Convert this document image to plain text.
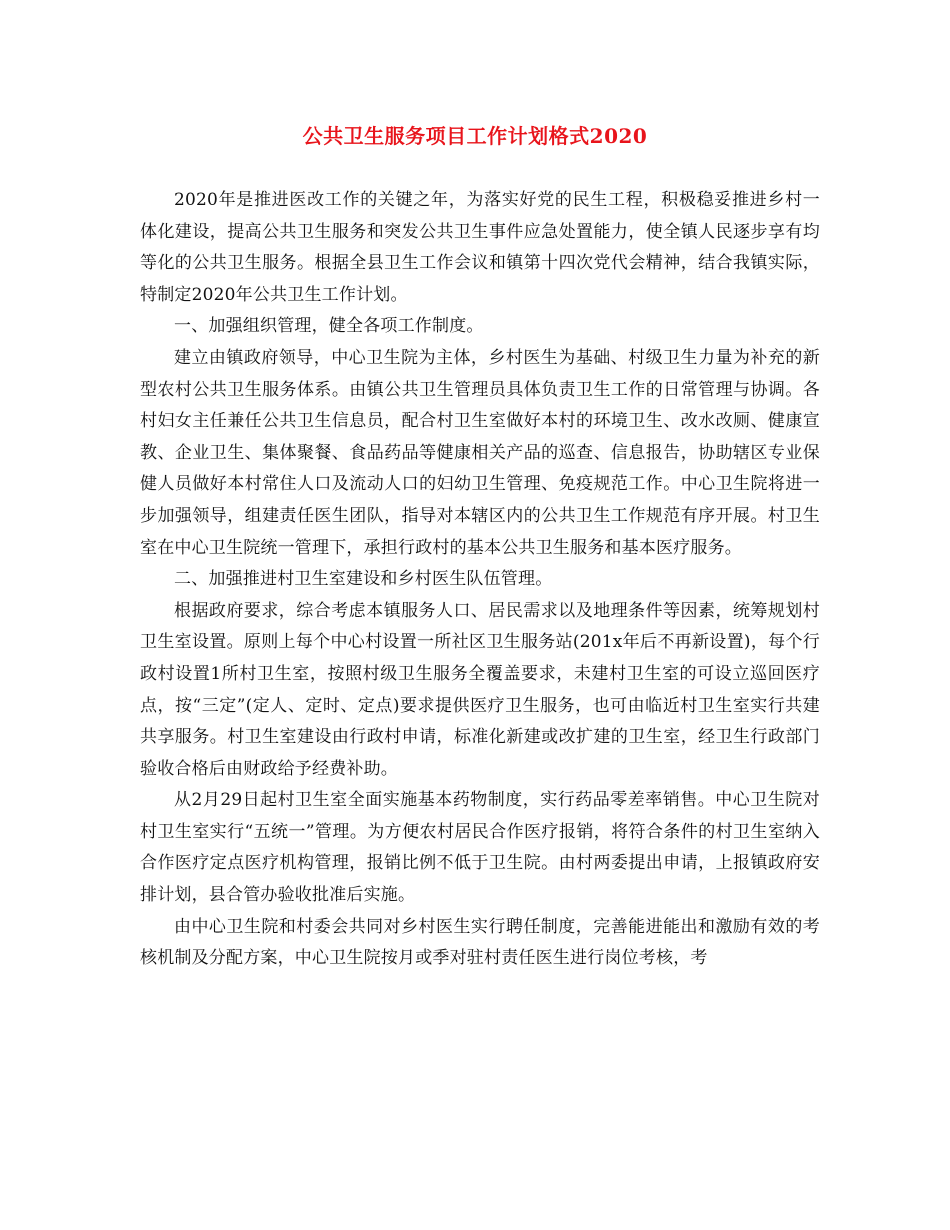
公共卫生服务项目工作计划格式2020

2020年是推进医改工作的关键之年，为落实好党的民生工程，积极稳妥推进乡村一体化建设，提高公共卫生服务和突发公共卫生事件应急处置能力，使全镇人民逐步享有均等化的公共卫生服务。根据全县卫生工作会议和镇第十四次党代会精神，结合我镇实际，特制定2020年公共卫生工作计划。

一、加强组织管理，健全各项工作制度。

建立由镇政府领导，中心卫生院为主体，乡村医生为基础、村级卫生力量为补充的新型农村公共卫生服务体系。由镇公共卫生管理员具体负责卫生工作的日常管理与协调。各村妇女主任兼任公共卫生信息员，配合村卫生室做好本村的环境卫生、改水改厕、健康宣教、企业卫生、集体聚餐、食品药品等健康相关产品的巡查、信息报告，协助辖区专业保健人员做好本村常住人口及流动人口的妇幼卫生管理、免疫规范工作。中心卫生院将进一步加强领导，组建责任医生团队，指导对本辖区内的公共卫生工作规范有序开展。村卫生室在中心卫生院统一管理下，承担行政村的基本公共卫生服务和基本医疗服务。

二、加强推进村卫生室建设和乡村医生队伍管理。

根据政府要求，综合考虑本镇服务人口、居民需求以及地理条件等因素，统筹规划村卫生室设置。原则上每个中心村设置一所社区卫生服务站(201x年后不再新设置)，每个行政村设置1所村卫生室，按照村级卫生服务全覆盖要求，未建村卫生室的可设立巡回医疗点，按“三定”(定人、定时、定点)要求提供医疗卫生服务，也可由临近村卫生室实行共建共享服务。村卫生室建设由行政村申请，标准化新建或改扩建的卫生室，经卫生行政部门验收合格后由财政给予经费补助。

从2月29日起村卫生室全面实施基本药物制度，实行药品零差率销售。中心卫生院对村卫生室实行“五统一”管理。为方便农村居民合作医疗报销，将符合条件的村卫生室纳入合作医疗定点医疗机构管理，报销比例不低于卫生院。由村两委提出申请，上报镇政府安排计划，县合管办验收批准后实施。

由中心卫生院和村委会共同对乡村医生实行聘任制度，完善能进能出和激励有效的考核机制及分配方案，中心卫生院按月或季对驻村责任医生进行岗位考核，考
